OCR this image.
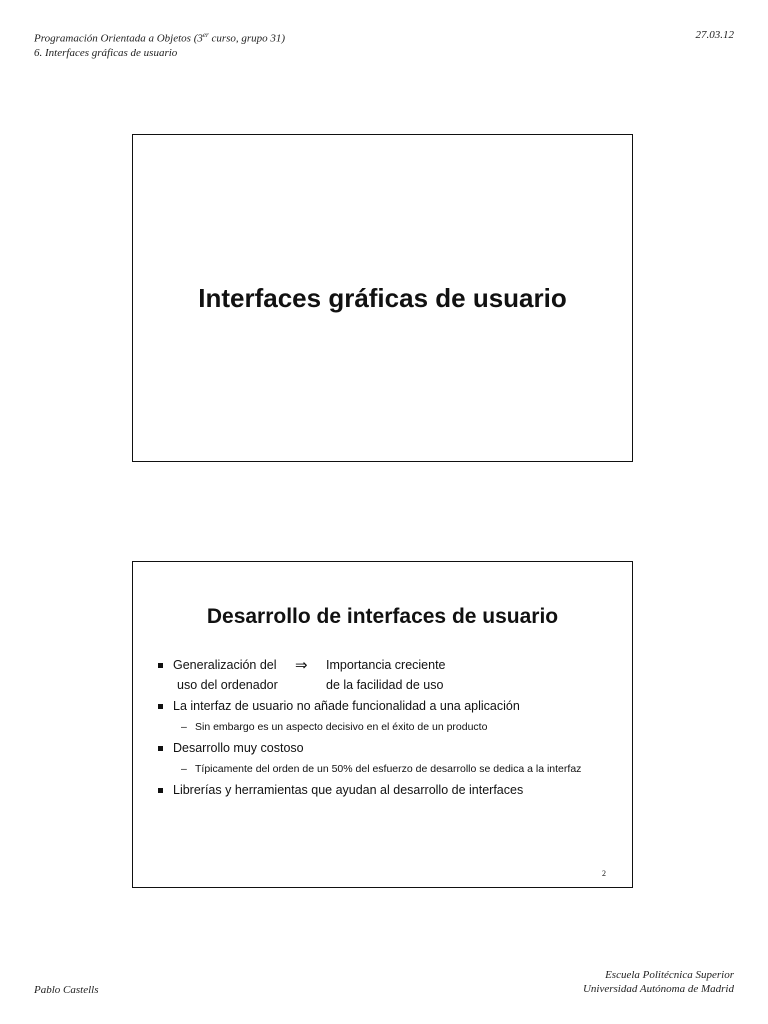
Programación Orientada a Objetos (3er curso, grupo 31)
6. Interfaces gráficas de usuario
27.03.12
Interfaces gráficas de usuario
Desarrollo de interfaces de usuario
Generalización del
uso del ordenador
⇒ Importancia creciente
de la facilidad de uso
La interfaz de usuario no añade funcionalidad a una aplicación
– Sin embargo es un aspecto decisivo en el éxito de un producto
Desarrollo muy costoso
– Típicamente del orden de un 50% del esfuerzo de desarrollo se dedica a la interfaz
Librerías y herramientas que ayudan al desarrollo de interfaces
2
Pablo Castells
Escuela Politécnica Superior
Universidad Autónoma de Madrid
